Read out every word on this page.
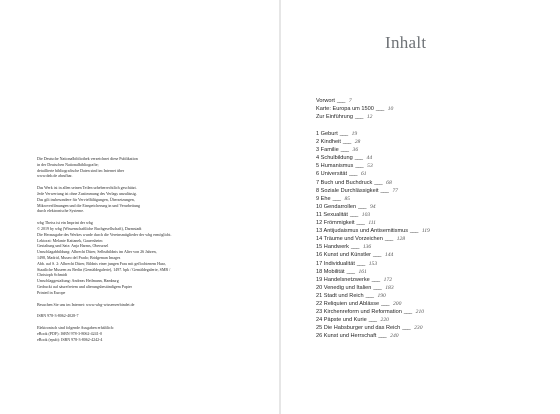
Die Deutsche Nationalbibliothek verzeichnet diese Publikation
in der Deutschen Nationalbibliografie;
detaillierte bibliografische Daten sind im Internet über
www.dnb.de abrufbar.
Das Werk ist in allen seinen Teilen urheberrechtlich geschützt.
Jede Verwertung ist ohne Zustimmung des Verlags unzulässig.
Das gilt insbesondere für Vervielfältigungen, Übersetzungen,
Mikroverfilmungen und die Einspeicherung in und Verarbeitung
durch elektronische Systeme.
wbg Theiss ist ein Imprint der wbg
© 2019 by wbg (Wissenschaftliche Buchgesellschaft), Darmstadt
Die Herausgabe des Werkes wurde durch die Vereinsmitglieder der wbg ermöglicht.
Lektorat: Melanie Kattanek, Gauersheim
Gestaltung und Satz: Anja Harms, Oberursel
Umschlagabbildung: Albrecht Dürer, Selbstbildnis im Alter von 26 Jahren,
1498, Madrid, Museo del Prado; Bridgeman Images
Abb. auf S. 2: Albrecht Dürer, Bildnis einer jungen Frau mit geflochtenem Haar,
Staatliche Museen zu Berlin (Gemäldegalerie), 1497. bpk / Gemäldegalerie, SMB /
Christoph Schmidt
Umschlaggestaltung: Andreas Heilmann, Hamburg
Gedruckt auf säurefreiem und alterungsbeständigem Papier
Printed in Europe
Besuchen Sie uns im Internet: www.wbg-wissenverbindet.de
ISBN 978-3-8062-4028-7
Elektronisch sind folgende Ausgaben erhältlich:
eBook (PDF): ISBN 978-3-8062-4241-0
eBook (epub): ISBN 978-3-8062-4242-4
Inhalt
Vorwort ___ 7
Karte: Europa um 1500 ___ 10
Zur Einführung ___ 12
1 Geburt ___ 19
2 Kindheit ___ 28
3 Familie ___ 36
4 Schulbildung ___ 44
5 Humanismus ___ 53
6 Universität ___ 61
7 Buch und Buchdruck ___ 68
8 Soziale Durchlässigkeit ___ 77
9 Ehe ___ 85
10 Gendarrollen ___ 94
11 Sexualität ___ 103
12 Frömmigkeit ___ 111
13 Antijudaismus und Antisemitismus ___ 119
14 Träume und Vorzeichen ___ 128
15 Handwerk ___ 136
16 Kunst und Künstler ___ 144
17 Individualität ___ 153
18 Mobilität ___ 161
19 Handelsnetzwerke ___ 172
20 Venedig und Italien ___ 183
21 Stadt und Reich ___ 190
22 Reliquien und Ablässe ___ 200
23 Kirchenreform und Reformation ___ 210
24 Päpste und Kurie ___ 220
25 Die Habsburger und das Reich ___ 230
26 Kunst und Herrschaft ___ 240
